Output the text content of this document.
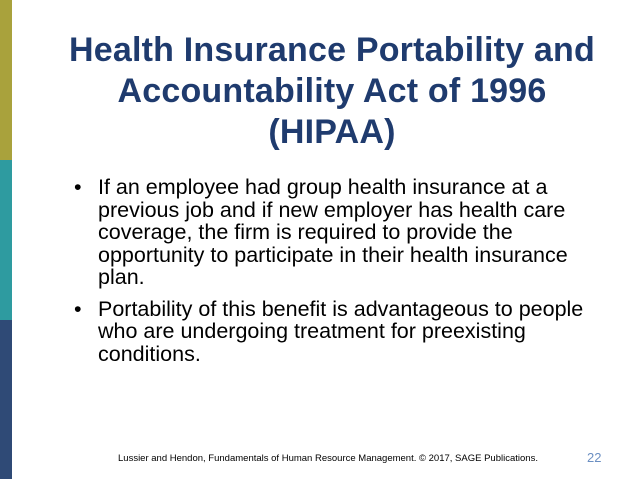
Health Insurance Portability and Accountability Act of 1996 (HIPAA)
• If an employee had group health insurance at a previous job and if new employer has health care coverage, the firm is required to provide the opportunity to participate in their health insurance plan.
• Portability of this benefit is advantageous to people who are undergoing treatment for preexisting conditions.
Lussier and Hendon, Fundamentals of Human Resource Management. © 2017, SAGE Publications.	22
